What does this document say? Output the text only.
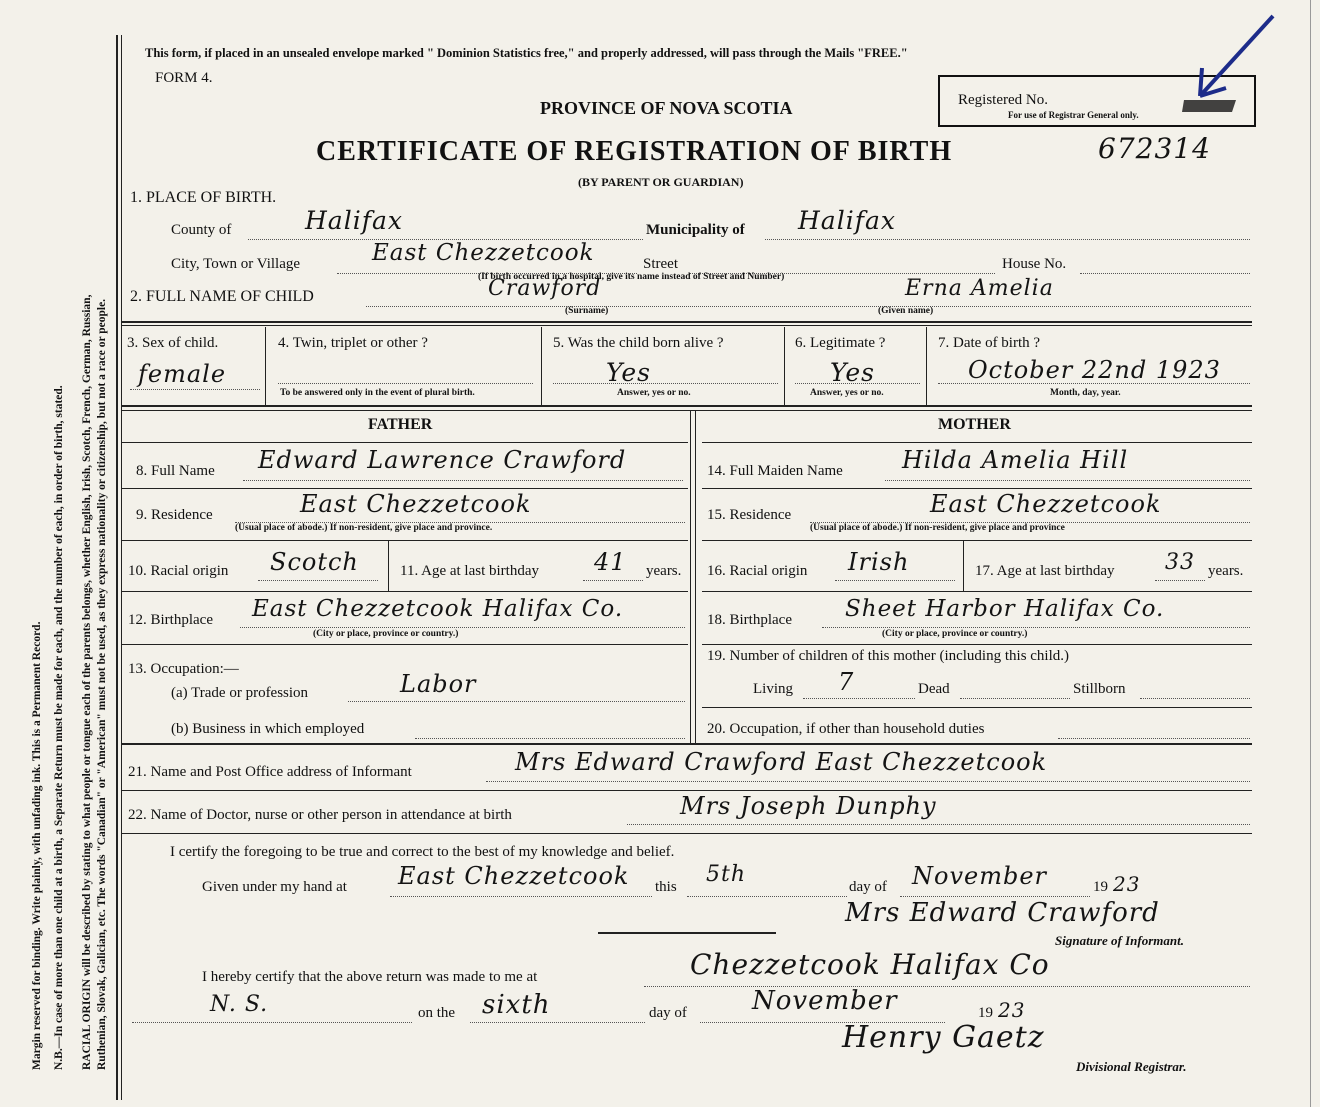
Margin reserved for binding. Write plainly, with unfading ink. This is a Permanent Record. N.B.—In case of more than one child at a birth, a Separate Return must be made for each, and the number of each, in order of birth, stated. RACIAL ORIGIN will be described by stating to what people or tongue each of the parents belongs, whether English, Irish, Scotch, French, German, Russian, Ruthenian, Slovak, Galician, etc. The words "Canadian" or "American" must not be used, as they express nationality or citizenship, but not a race or people.
This form, if placed in an unsealed envelope marked " Dominion Statistics free," and properly addressed, will pass through the Mails "FREE."
FORM 4.
PROVINCE OF NOVA SCOTIA	Registered No.
For use of Registrar General only.
CERTIFICATE OF REGISTRATION OF BIRTH	672314
(BY PARENT OR GUARDIAN)
1. PLACE OF BIRTH.
County of	Halifax	Municipality of Halifax
City, Town or Village	East Chezzetcook	Street	House No.
(If birth occurred in a hospital, give its name instead of Street and Number)
2. FULL NAME OF CHILD	Crawford
(Surname)
Erna Amelia
(Given name)
3. Sex of child.
female
4. Twin, triplet or other ?
To be answered only in the event of plural birth.
5. Was the child born alive ?
Yes
Answer, yes or no.
6. Legitimate ?
Yes
Answer, yes or no.
7. Date of birth ?
October 22nd 1923
Month, day, year.
FATHER
8. Full Name Edward Lawrence Crawford
9. Residence	East Chezzetcook
(Usual place of abode.) If non-resident, give place and province.
10. Racial origin Scotch	11. Age at last birthday 41 years.
12. Birthplace East Chezzetcook Halifax Co.
(City or place, province or country.)
13. Occupation:—
(a) Trade or profession	Labor
(b) Business in which employed
MOTHER
14. Full Maiden Name Hilda Amelia Hill
15. Residence	East Chezzetcook
(Usual place of abode.) If non-resident, give place and province
16. Racial origin Irish	17. Age at last birthday 33 years.
18. Birthplace Sheet Harbor Halifax Co.
(City or place, province or country.)
19. Number of children of this mother (including this child.)
Living 7	Dead	Stillborn
20. Occupation, if other than household duties
21. Name and Post Office address of Informant	Mrs Edward Crawford East Chezzetcook
22. Name of Doctor, nurse or other person in attendance at birth	Mrs Joseph Dunphy
I certify the foregoing to be true and correct to the best of my knowledge and belief.
Given under my hand at East Chezzetcook this 5th	day of November	19 23
Mrs Edward Crawford
Signature of Informant.
I hereby certify that the above return was made to me at	Chezzetcook Halifax Co
N. S.	on the sixth	day of	November	19 23
Henry Gaetz
Divisional Registrar.
